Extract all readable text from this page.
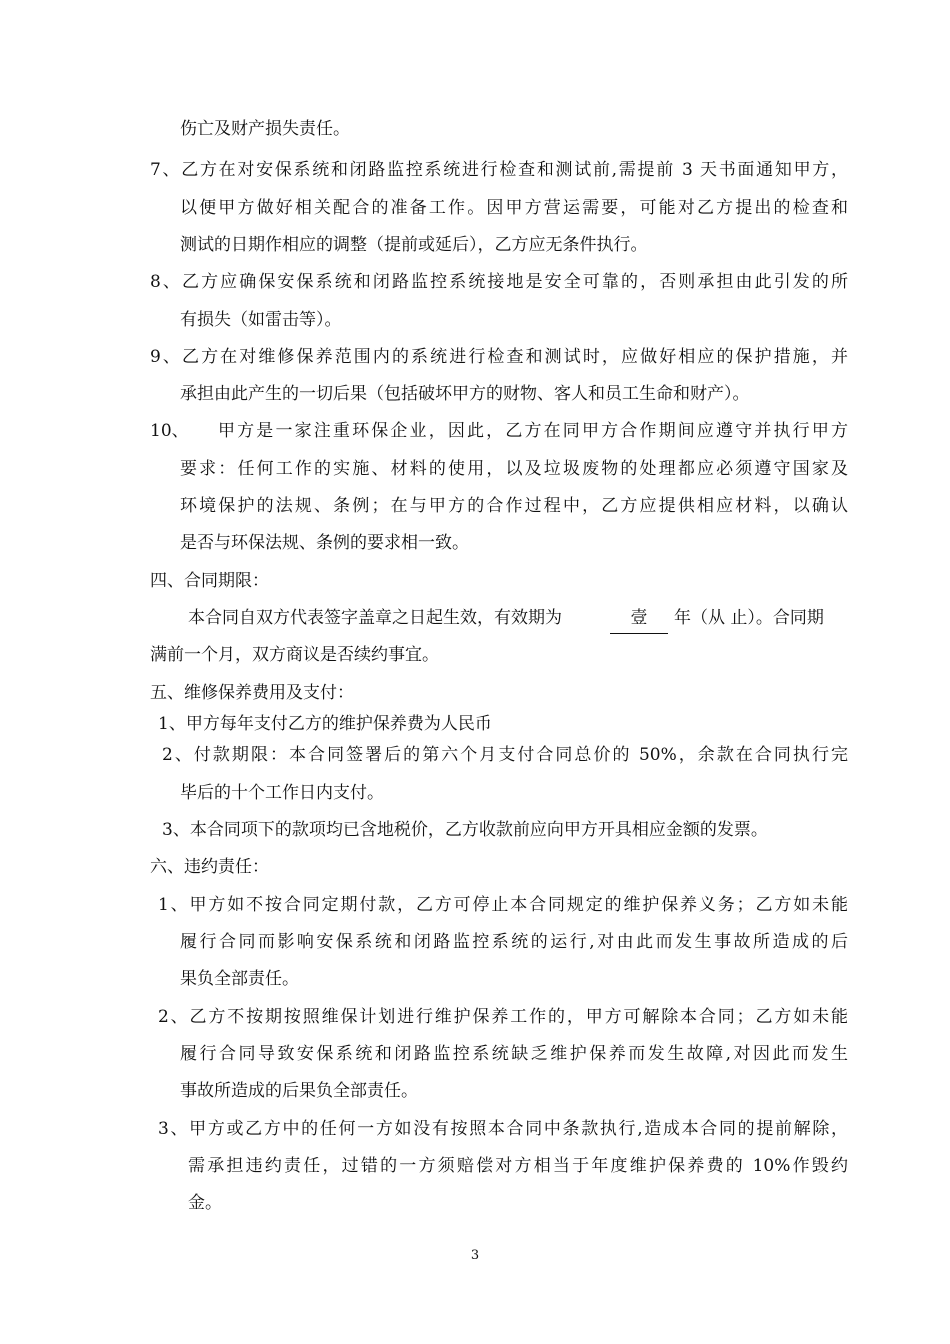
伤亡及财产损失责任。
7、乙方在对安保系统和闭路监控系统进行检查和测试前,需提前 3 天书面通知甲方，
以便甲方做好相关配合的准备工作。因甲方营运需要，可能对乙方提出的检查和
测试的日期作相应的调整（提前或延后），乙方应无条件执行。
8、乙方应确保安保系统和闭路监控系统接地是安全可靠的，否则承担由此引发的所
有损失（如雷击等）。
9、乙方在对维修保养范围内的系统进行检查和测试时，应做好相应的保护措施，并
承担由此产生的一切后果（包括破坏甲方的财物、客人和员工生命和财产）。
10、 甲方是一家注重环保企业，因此，乙方在同甲方合作期间应遵守并执行甲方
要求：任何工作的实施、材料的使用，以及垃圾废物的处理都应必须遵守国家及
环境保护的法规、条例；在与甲方的合作过程中，乙方应提供相应材料，以确认
是否与环保法规、条例的要求相一致。
四、合同期限：
本合同自双方代表签字盖章之日起生效，有效期为	壹	年（从 止）。合同期
满前一个月，双方商议是否续约事宜。
五、维修保养费用及支付：
1、甲方每年支付乙方的维护保养费为人民币
2、付款期限：本合同签署后的第六个月支付合同总价的 50%，余款在合同执行完
毕后的十个工作日内支付。
3、本合同项下的款项均已含地税价，乙方收款前应向甲方开具相应金额的发票。
六、违约责任：
1、甲方如不按合同定期付款，乙方可停止本合同规定的维护保养义务；乙方如未能
履行合同而影响安保系统和闭路监控系统的运行,对由此而发生事故所造成的后
果负全部责任。
2、乙方不按期按照维保计划进行维护保养工作的，甲方可解除本合同；乙方如未能
履行合同导致安保系统和闭路监控系统缺乏维护保养而发生故障,对因此而发生
事故所造成的后果负全部责任。
3、甲方或乙方中的任何一方如没有按照本合同中条款执行,造成本合同的提前解除，
需承担违约责任，过错的一方须赔偿对方相当于年度维护保养费的 10%作毁约
金。
3
